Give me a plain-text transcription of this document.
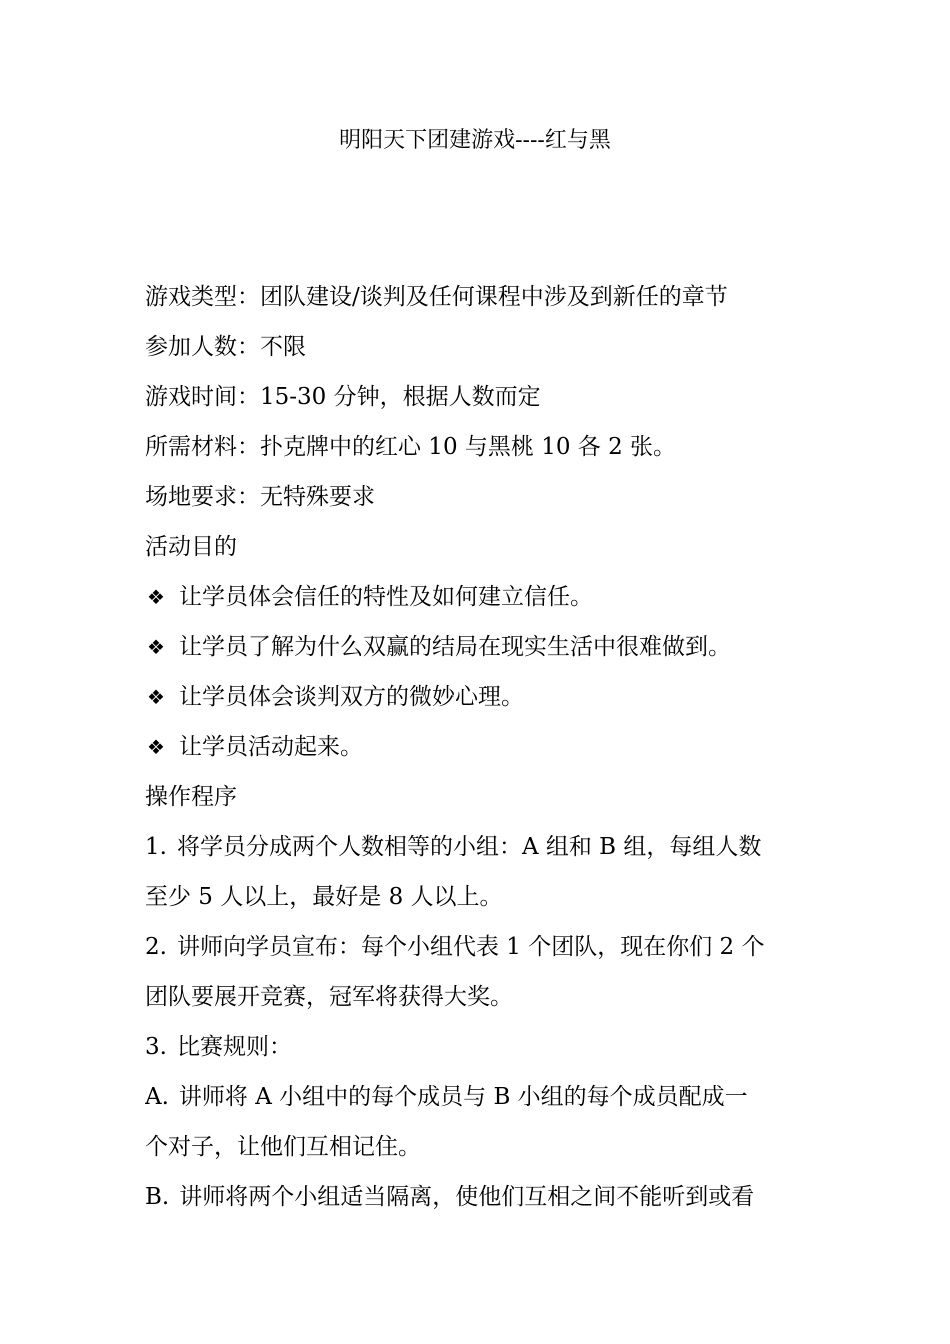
明阳天下团建游戏----红与黑
游戏类型：团队建设/谈判及任何课程中涉及到新任的章节
参加人数：不限
游戏时间：15-30 分钟，根据人数而定
所需材料：扑克牌中的红心 10 与黑桃 10 各 2 张。
场地要求：无特殊要求
活动目的
❖ 让学员体会信任的特性及如何建立信任。
❖ 让学员了解为什么双赢的结局在现实生活中很难做到。
❖ 让学员体会谈判双方的微妙心理。
❖ 让学员活动起来。
操作程序
1. 将学员分成两个人数相等的小组：A 组和 B 组，每组人数
至少 5 人以上，最好是 8 人以上。
2. 讲师向学员宣布：每个小组代表 1 个团队，现在你们 2 个
团队要展开竞赛，冠军将获得大奖。
3. 比赛规则：
A. 讲师将 A 小组中的每个成员与 B 小组的每个成员配成一
个对子，让他们互相记住。
B. 讲师将两个小组适当隔离，使他们互相之间不能听到或看
